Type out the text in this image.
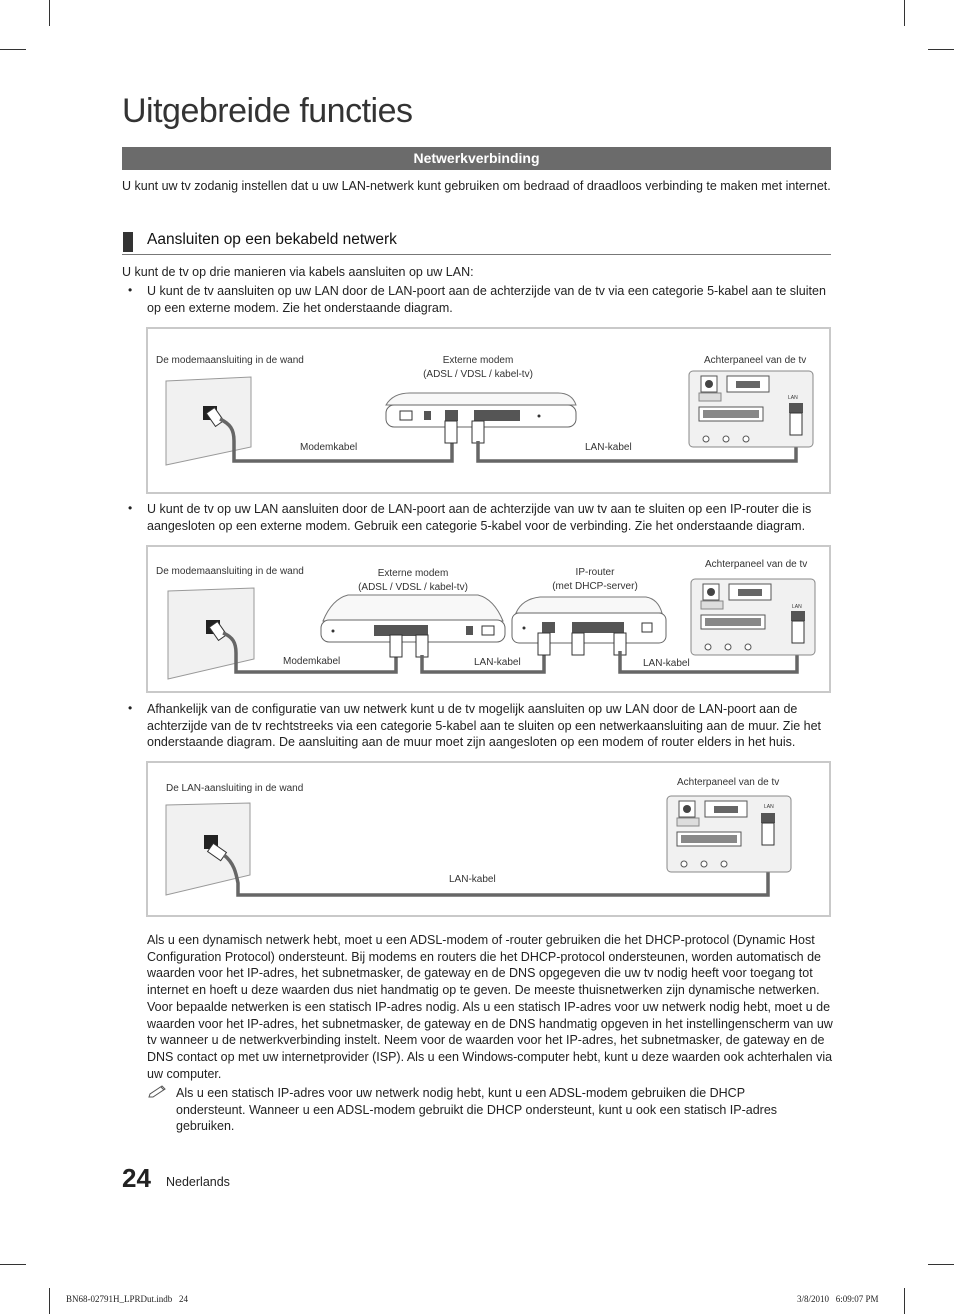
Uitgebreide functies
Netwerkverbinding
U kunt uw tv zodanig instellen dat u uw LAN-netwerk kunt gebruiken om bedraad of draadloos verbinding te maken met internet.
Aansluiten op een bekabeld netwerk
U kunt de tv op drie manieren via kabels aansluiten op uw LAN:
• U kunt de tv aansluiten op uw LAN door de LAN-poort aan de achterzijde van de tv via een categorie 5-kabel aan te sluiten op een externe modem. Zie het onderstaande diagram.
De modemaansluiting in de wand	Externe modem
(ADSL / VDSL / kabel-tv)
Achterpaneel van de tv
LAN
Modemkabel	LAN-kabel
• U kunt de tv op uw LAN aansluiten door de LAN-poort aan de achterzijde van uw tv aan te sluiten op een IP-router die is aangesloten op een externe modem. Gebruik een categorie 5-kabel voor de verbinding. Zie het onderstaande diagram.
De modemaansluiting in de wand	Externe modem
(ADSL / VDSL / kabel-tv)
IP-router
(met DHCP-server)
Achterpaneel van de tv
LAN
Modemkabel	LAN-kabel	LAN-kabel
• Afhankelijk van de configuratie van uw netwerk kunt u de tv mogelijk aansluiten op uw LAN door de LAN-poort aan de achterzijde van de tv rechtstreeks via een categorie 5-kabel aan te sluiten op een netwerkaansluiting aan de muur. Zie het onderstaande diagram. De aansluiting aan de muur moet zijn aangesloten op een modem of router elders in het huis.
De LAN-aansluiting in de wand
Achterpaneel van de tv
LAN
LAN-kabel
Als u een dynamisch netwerk hebt, moet u een ADSL-modem of -router gebruiken die het DHCP-protocol (Dynamic Host Configuration Protocol) ondersteunt. Bij modems en routers die het DHCP-protocol ondersteunen, worden automatisch de waarden voor het IP-adres, het subnetmasker, de gateway en de DNS opgegeven die uw tv nodig heeft voor toegang tot internet en hoeft u deze waarden dus niet handmatig op te geven. De meeste thuisnetwerken zijn dynamische netwerken. Voor bepaalde netwerken is een statisch IP-adres nodig. Als u een statisch IP-adres voor uw netwerk nodig hebt, moet u de waarden voor het IP-adres, het subnetmasker, de gateway en de DNS handmatig opgeven in het instellingenscherm van uw tv wanneer u de netwerkverbinding instelt. Neem voor de waarden voor het IP-adres, het subnetmasker, de gateway en de DNS contact op met uw internetprovider (ISP). Als u een Windows-computer hebt, kunt u deze waarden ook achterhalen via uw computer.
Als u een statisch IP-adres voor uw netwerk nodig hebt, kunt u een ADSL-modem gebruiken die DHCP ondersteunt. Wanneer u een ADSL-modem gebruikt die DHCP ondersteunt, kunt u ook een statisch IP-adres gebruiken.
24 Nederlands
BN68-02791H_LPRDut.indb   24	3/8/2010   6:09:07 PM
